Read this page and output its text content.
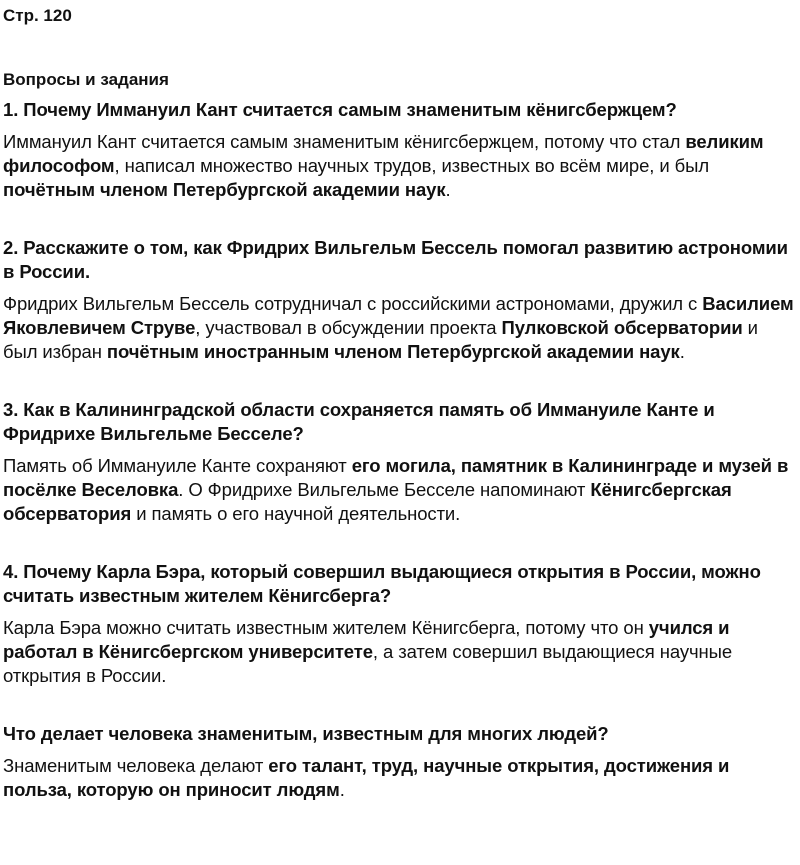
Стр. 120
Вопросы и задания
1. Почему Иммануил Кант считается самым знаменитым кёнигсбержцем?
Иммануил Кант считается самым знаменитым кёнигсбержцем, потому что стал великим философом, написал множество научных трудов, известных во всём мире, и был почётным членом Петербургской академии наук.
2. Расскажите о том, как Фридрих Вильгельм Бессель помогал развитию астрономии в России.
Фридрих Вильгельм Бессель сотрудничал с российскими астрономами, дружил с Василием Яковлевичем Струве, участвовал в обсуждении проекта Пулковской обсерватории и был избран почётным иностранным членом Петербургской академии наук.
3. Как в Калининградской области сохраняется память об Иммануиле Канте и Фридрихе Вильгельме Бесселе?
Память об Иммануиле Канте сохраняют его могила, памятник в Калининграде и музей в посёлке Веселовка. О Фридрихе Вильгельме Бесселе напоминают Кёнигсбергская обсерватория и память о его научной деятельности.
4. Почему Карла Бэра, который совершил выдающиеся открытия в России, можно считать известным жителем Кёнигсберга?
Карла Бэра можно считать известным жителем Кёнигсберга, потому что он учился и работал в Кёнигсбергском университете, а затем совершил выдающиеся научные открытия в России.
Что делает человека знаменитым, известным для многих людей?
Знаменитым человека делают его талант, труд, научные открытия, достижения и польза, которую он приносит людям.
